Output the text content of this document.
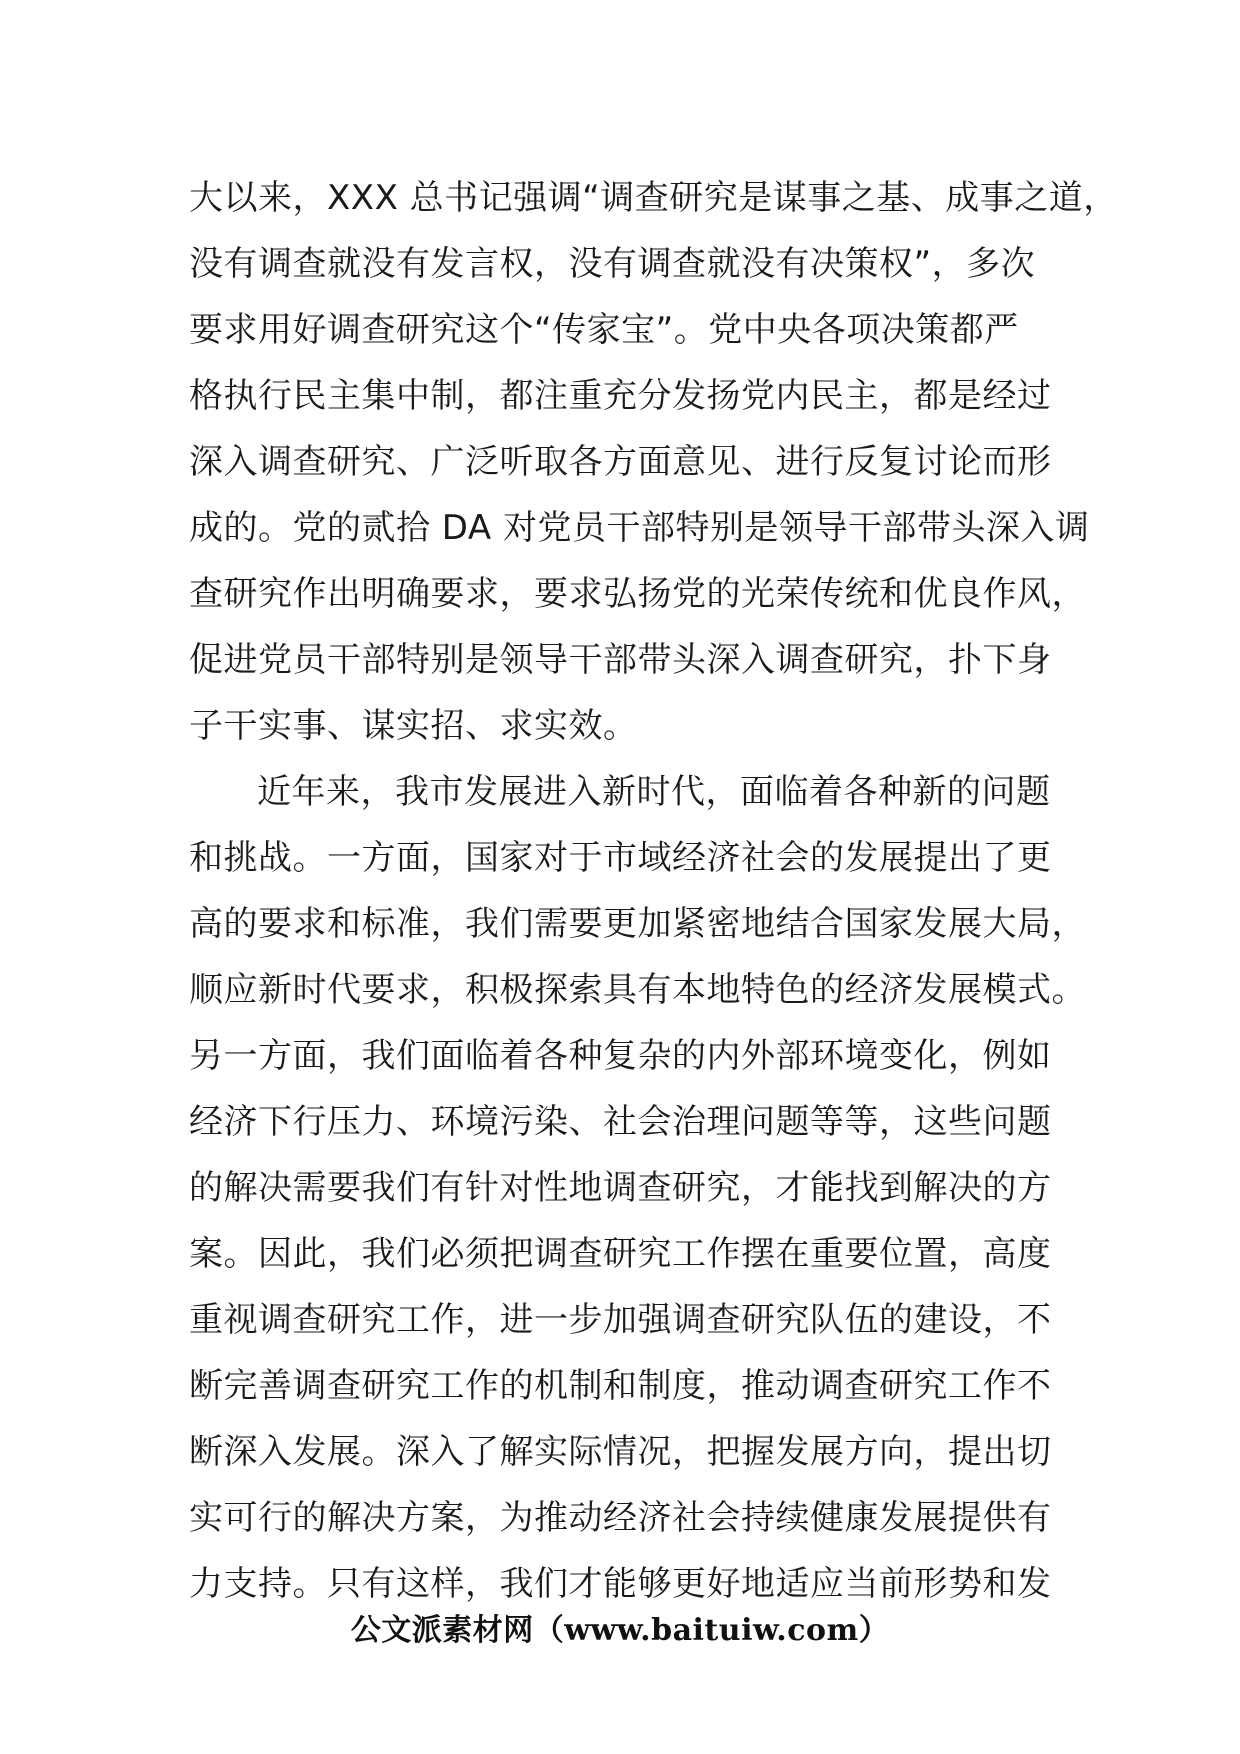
大以来，XXX 总书记强调“调查研究是谋事之基、成事之道，
没有调查就没有发言权，没有调查就没有决策权”，多次
要求用好调查研究这个“传家宝”。党中央各项决策都严
格执行民主集中制，都注重充分发扬党内民主，都是经过
深入调查研究、广泛听取各方面意见、进行反复讨论而形
成的。党的贰拾 DA 对党员干部特别是领导干部带头深入调
查研究作出明确要求，要求弘扬党的光荣传统和优良作风，
促进党员干部特别是领导干部带头深入调查研究，扑下身
子干实事、谋实招、求实效。
近年来，我市发展进入新时代，面临着各种新的问题
和挑战。一方面，国家对于市域经济社会的发展提出了更
高的要求和标准，我们需要更加紧密地结合国家发展大局，
顺应新时代要求，积极探索具有本地特色的经济发展模式。
另一方面，我们面临着各种复杂的内外部环境变化，例如
经济下行压力、环境污染、社会治理问题等等，这些问题
的解决需要我们有针对性地调查研究，才能找到解决的方
案。因此，我们必须把调查研究工作摆在重要位置，高度
重视调查研究工作，进一步加强调查研究队伍的建设，不
断完善调查研究工作的机制和制度，推动调查研究工作不
断深入发展。深入了解实际情况，把握发展方向，提出切
实可行的解决方案，为推动经济社会持续健康发展提供有
力支持。只有这样，我们才能够更好地适应当前形势和发
公文派素材网（www.baituiw.com）
